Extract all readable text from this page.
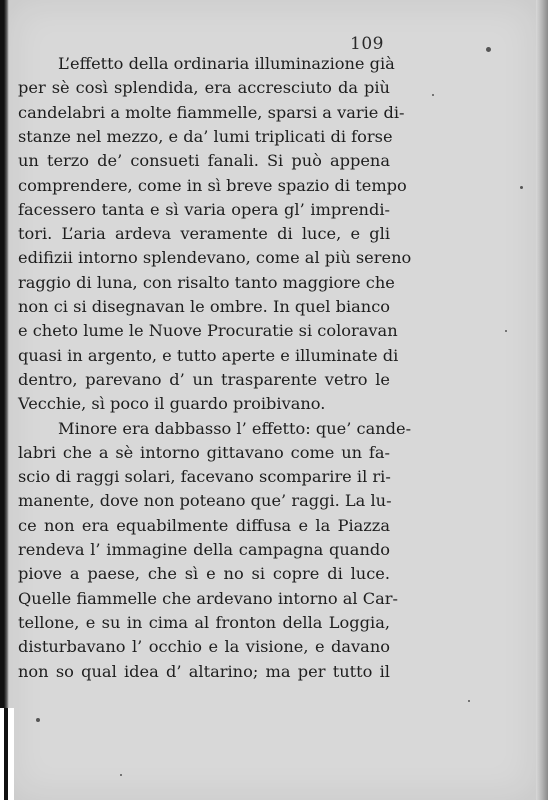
109
L’effetto della ordinaria illuminazione già
per sè così splendida, era accresciuto da più
candelabri a molte fiammelle, sparsi a varie di-
stanze nel mezzo, e da’ lumi triplicati di forse
un terzo de’ consueti fanali. Si può appena
comprendere, come in sì breve spazio di tempo
facessero tanta e sì varia opera gl’ imprendi-
tori. L’aria ardeva veramente di luce, e gli
edifizii intorno splendevano, come al più sereno
raggio di luna, con risalto tanto maggiore che
non ci si disegnavan le ombre. In quel bianco
e cheto lume le Nuove Procuratie si coloravan
quasi in argento, e tutto aperte e illuminate di
dentro, parevano d’ un trasparente vetro le
Vecchie, sì poco il guardo proibivano.
Minore era dabbasso l’ effetto: que’ cande-
labri che a sè intorno gittavano come un fa-
scio di raggi solari, facevano scomparire il ri-
manente, dove non poteano que’ raggi. La lu-
ce non era equabilmente diffusa e la Piazza
rendeva l’ immagine della campagna quando
piove a paese, che sì e no si copre di luce.
Quelle fiammelle che ardevano intorno al Car-
tellone, e su in cima al fronton della Loggia,
disturbavano l’ occhio e la visione, e davano
non so qual idea d’ altarino; ma per tutto il
